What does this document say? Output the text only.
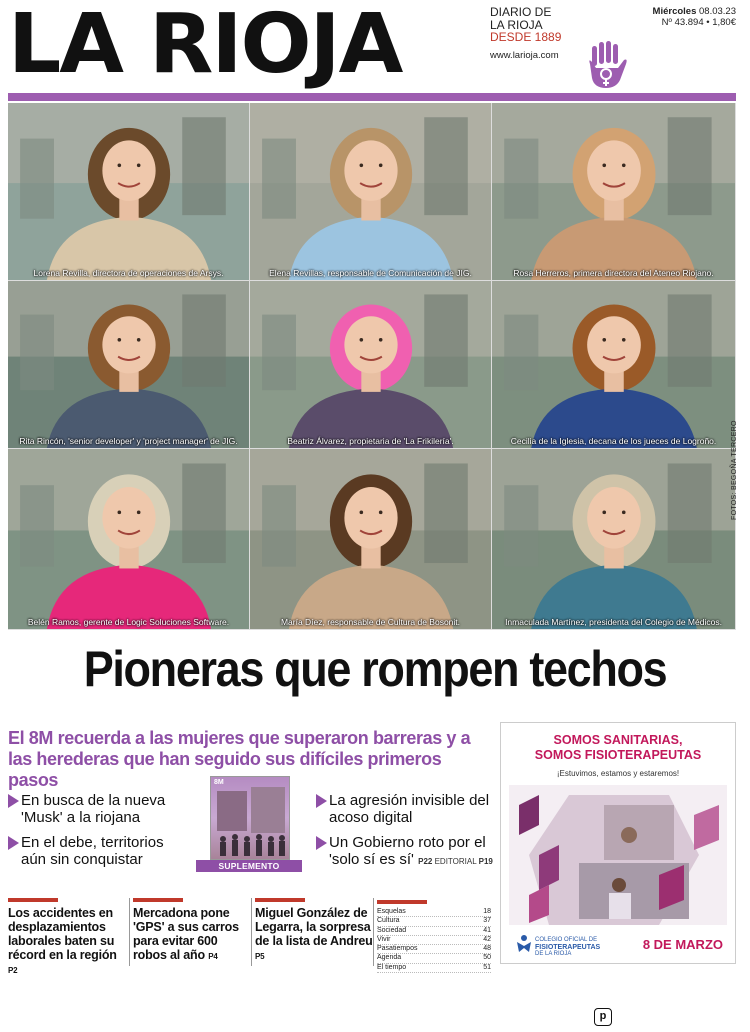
LA RIOJA	DIARIO DE
LA RIOJA
DESDE 1889
www.larioja.com
Miércoles 08.03.23
Nº 43.894 • 1,80€
Lorena Revilla, directora de operaciones de Arsys.	Elena Revillas, responsable de Comunicación de JIG.	Rosa Herreros, primera directora del Ateneo Riojano.
Rita Rincón, 'senior developer' y 'project manager' de JIG.	Beatriz Álvarez, propietaria de 'La Frikilería'.	Cecilia de la Iglesia, decana de los jueces de Logroño.
Belén Ramos, gerente de Logic Soluciones Software.	María Díez, responsable de Cultura de Bosonit.	Inmaculada Martínez, presidenta del Colegio de Médicos.
FOTOS: BEGOÑA TERCERO
Pioneras que rompen techos
El 8M recuerda a las mujeres que superaron barreras y a las herederas que han seguido sus difíciles primeros pasos
En busca de la nueva 'Musk' a la riojana
En el debe, territorios aún sin conquistar
8M
SUPLEMENTO ESPECIAL
La agresión invisible del acoso digital
Un Gobierno roto por el 'solo sí es sí' P22 EDITORIAL P19
Los accidentes en desplazamientos laborales baten su récord en la región P2
Mercadona pone 'GPS' a sus carros para evitar 600 robos al año P4
Miguel González de Legarra, la sorpresa de la lista de Andreu P5
Esquelas	18
Cultura	37
Sociedad	41
Vivir	42
Pasatiempos	48
Agenda	50
El tiempo	51
SOMOS SANITARIAS,
SOMOS FISIOTERAPEUTAS
¡Estuvimos, estamos y estaremos!
COLEGIO OFICIAL DE
FISIOTERAPEUTAS
DE LA RIOJA
8 DE MARZO
p
